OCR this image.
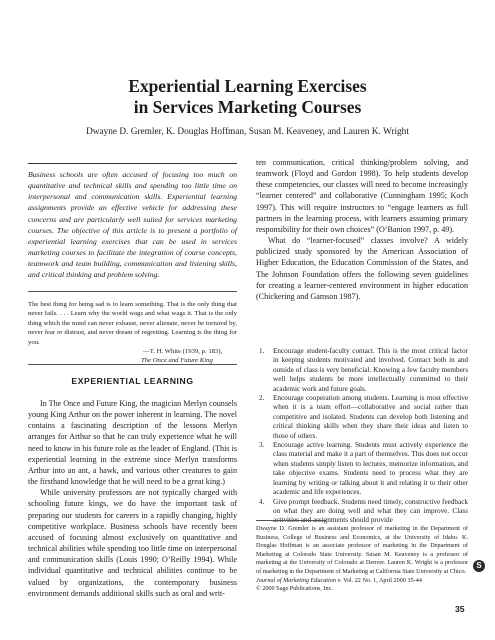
Experiential Learning Exercises
in Services Marketing Courses
Dwayne D. Gremler, K. Douglas Hoffman, Susan M. Keaveney, and Lauren K. Wright

Business schools are often accused of focusing too much on quantitative and technical skills and spending too little time on interpersonal and communication skills. Experiential learning assignments provide an effective vehicle for addressing these concerns and are particularly well suited for services marketing courses. The objective of this article is to present a portfolio of experiential learning exercises that can be used in services marketing courses to facilitate the integration of course concepts, teamwork and team building, communication and listening skills, and critical thinking and problem solving.

The best thing for being sad is to learn something. That is the only thing that never fails. . . . Learn why the world wags and what wags it. That is the only thing which the mind can never exhaust, never alienate, never be tortured by, never fear or distrust, and never dream of regretting. Learning is the thing for you.

—T. H. White (1939, p. 183),

The Once and Future King

EXPERIENTIAL LEARNING

In The Once and Future King, the magician Merlyn counsels young King Arthur on the power inherent in learning. The novel contains a fascinating description of the lessons Merlyn arranges for Arthur so that he can truly experience what he will need to know in his future role as the leader of England. (This is experiential learning in the extreme since Merlyn transforms Arthur into an ant, a hawk, and various other creatures to gain the firsthand knowledge that he will need to be a great king.)

While university professors are not typically charged with schooling future kings, we do have the important task of preparing our students for careers in a rapidly changing, highly competitive workplace. Business schools have recently been accused of focusing almost exclusively on quantitative and technical abilities while spending too little time on interpersonal and communication skills (Louis 1990; O’Reilly 1994). While individual quantitative and technical abilities continue to be valued by organizations, the contemporary business environment demands additional skills such as oral and writ-

ten communication, critical thinking/problem solving, and teamwork (Floyd and Gordon 1998). To help students develop these competencies, our classes will need to become increasingly “learner centered” and collaborative (Cunningham 1995; Koch 1997). This will require instructors to “engage learners as full partners in the learning process, with learners assuming primary responsibility for their own choices” (O’Banion 1997, p. 49).

What do “learner-focused” classes involve? A widely publicized study sponsored by the American Association of Higher Education, the Education Commission of the States, and The Johnson Foundation offers the following seven guidelines for creating a learner-centered environment in higher education (Chickering and Gamson 1987).

1. Encourage student-faculty contact. This is the most critical factor in keeping students motivated and involved. Contact both in and outside of class is very beneficial. Knowing a few faculty members well helps students be more intellectually committed to their academic work and future goals.
2. Encourage cooperation among students. Learning is most effective when it is a team effort—collaborative and social rather than competitive and isolated. Students can develop both listening and critical thinking skills when they share their ideas and listen to those of others.
3. Encourage active learning. Students must actively experience the class material and make it a part of themselves. This does not occur when students simply listen to lectures, memorize information, and take objective exams. Students need to process what they are learning by writing or talking about it and relating it to their other academic and life experiences.
4. Give prompt feedback. Students need timely, constructive feedback on what they are doing well and what they can improve. Class activities and assignments should provide

Dwayne D. Gremler is an assistant professor of marketing in the Department of Business, College of Business and Economics, at the University of Idaho. K. Douglas Hoffman is an associate professor of marketing in the Department of Marketing at Colorado State University. Susan M. Keaveney is a professor of marketing at the University of Colorado at Denver. Lauren K. Wright is a professor of marketing in the Department of Marketing at California State University at Chico.
Journal of Marketing Education v. Vol. 22 No. 1, April 2000 35-44
© 2000 Sage Publications, Inc.

S
35
